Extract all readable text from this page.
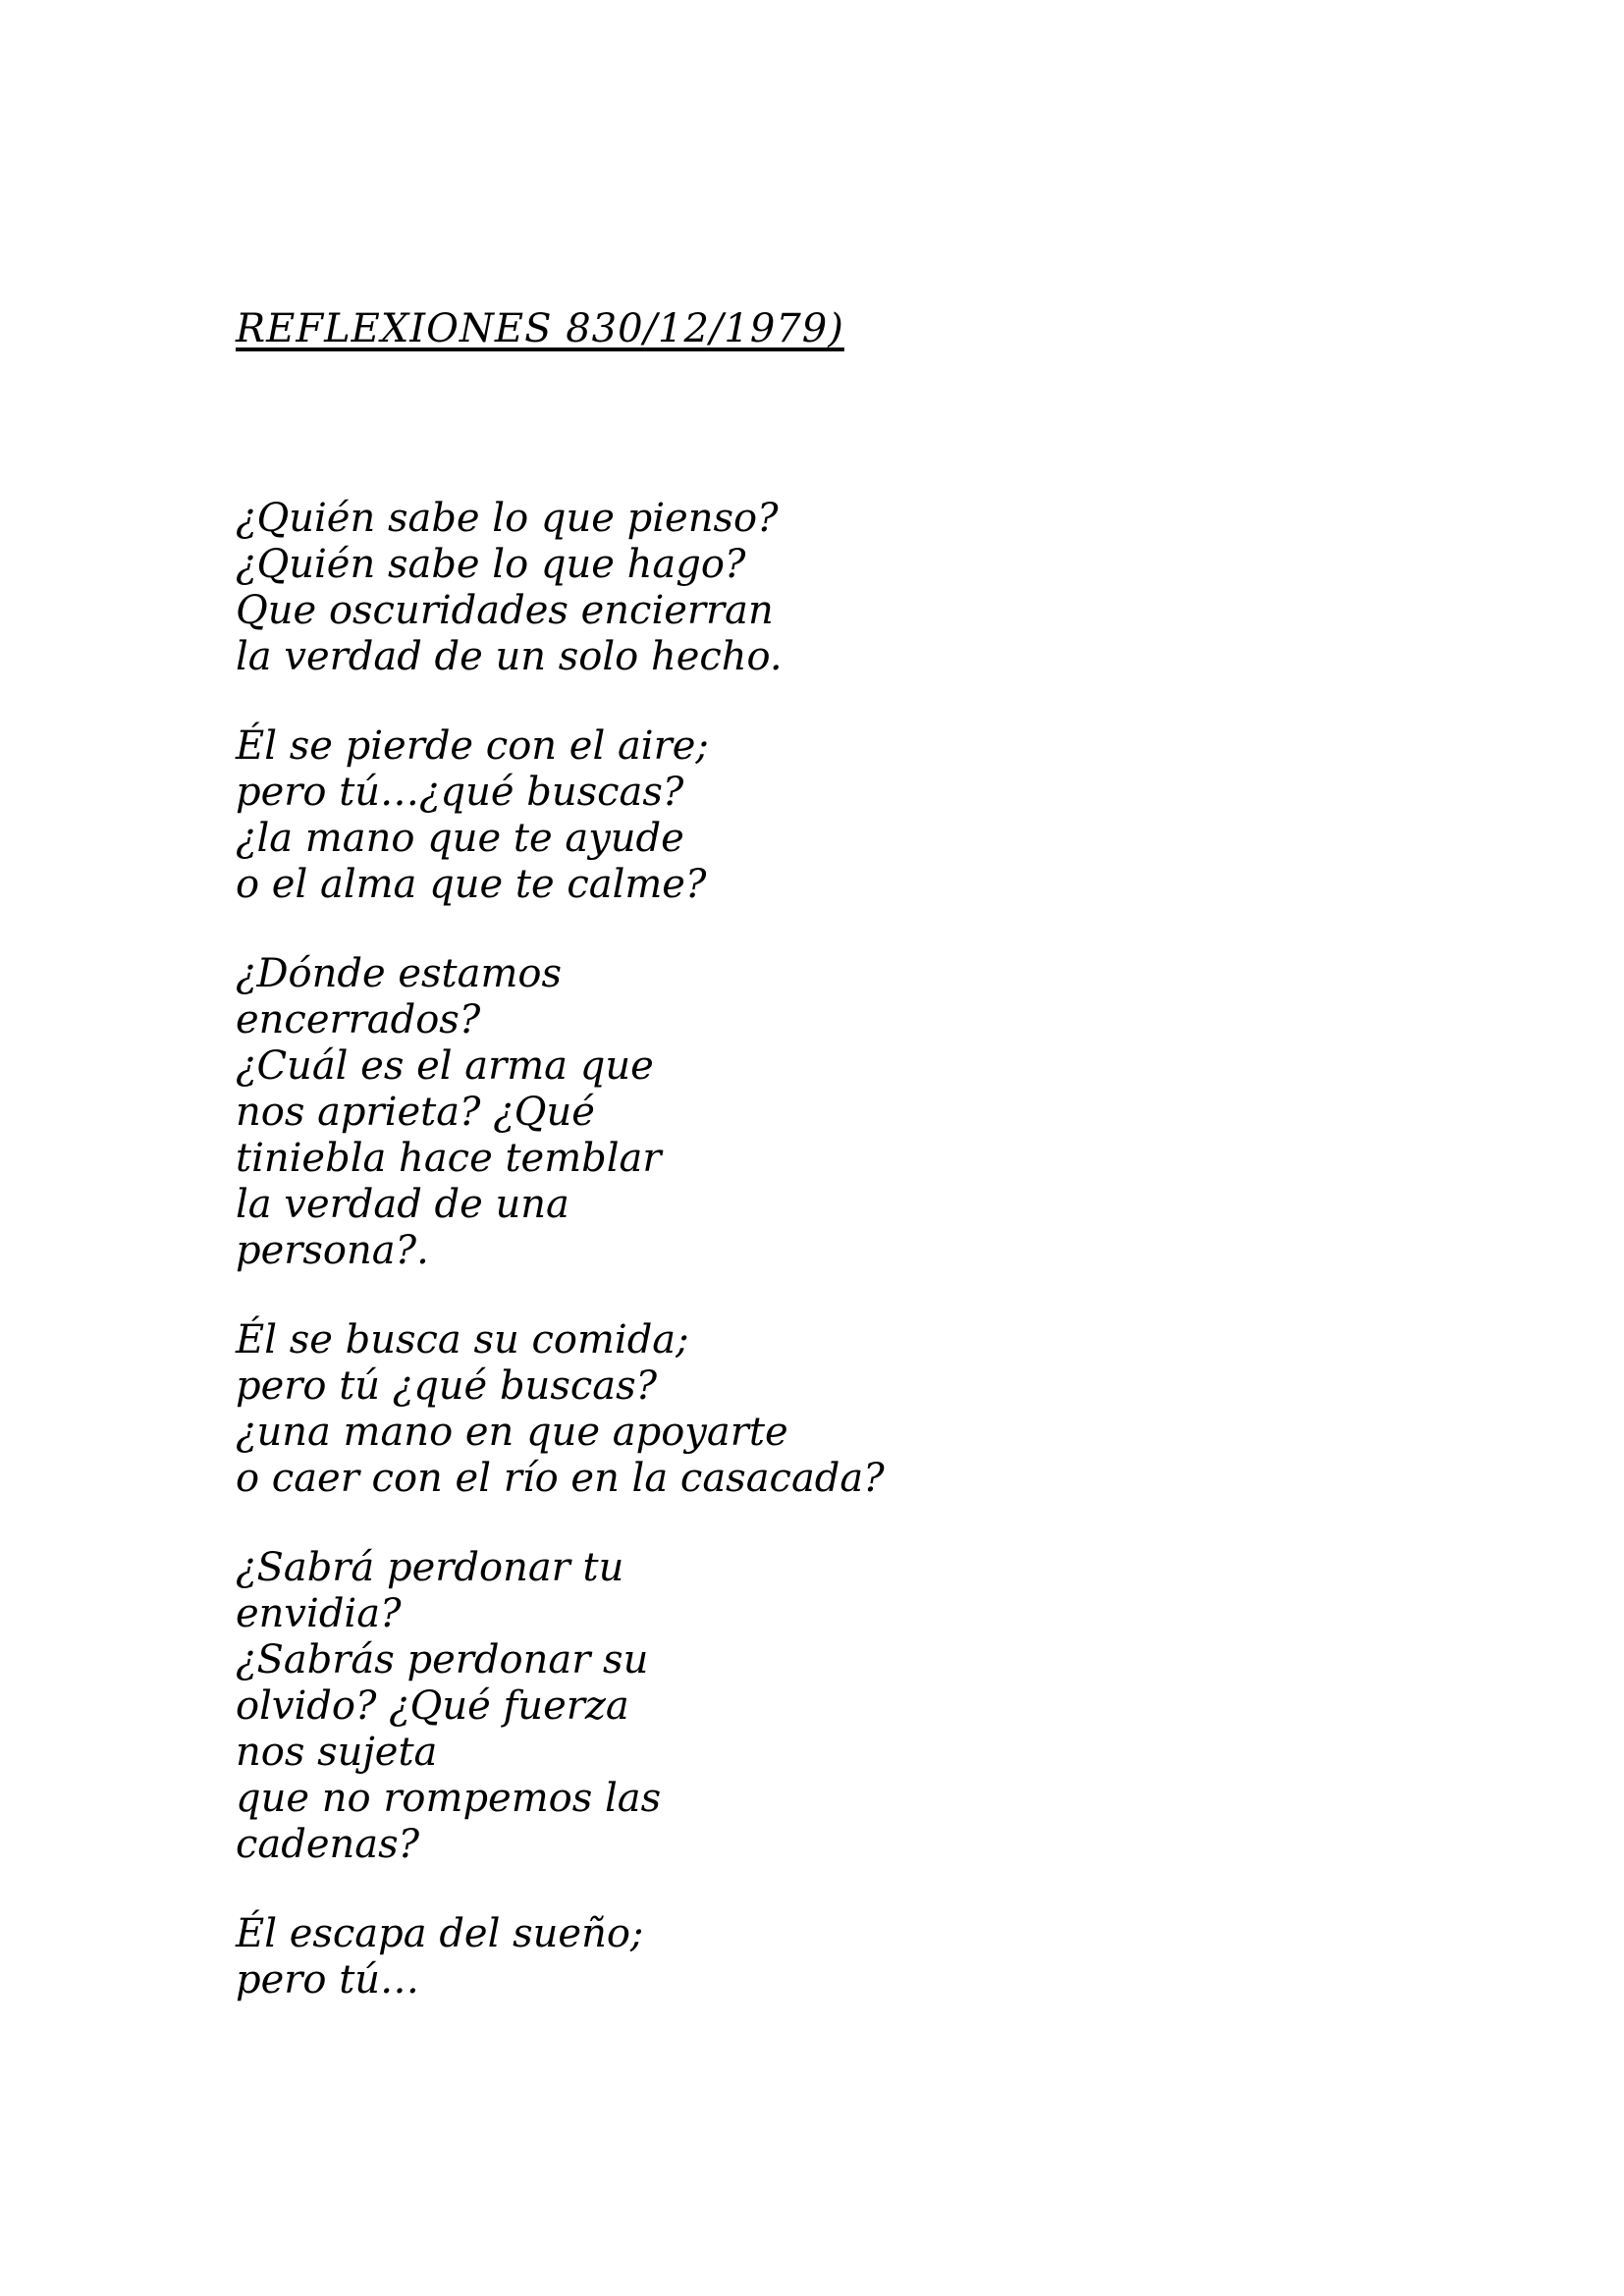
REFLEXIONES 830/12/1979)
¿Quién sabe lo que pienso?
¿Quién sabe lo que hago?
Que oscuridades encierran
la verdad de un solo hecho.
Él se pierde con el aire;
pero tú…¿qué buscas?
¿la mano que te ayude
o el alma que te calme?
¿Dónde estamos
encerrados?
¿Cuál es el arma que
nos aprieta? ¿Qué
tiniebla hace temblar
la verdad de una
persona?.
Él se busca su comida;
pero tú ¿qué buscas?
¿una mano en que apoyarte
o caer con el río en la casacada?
¿Sabrá perdonar tu
envidia?
¿Sabrás perdonar su
olvido? ¿Qué fuerza
nos sujeta
que no rompemos las
cadenas?
Él escapa del sueño;
pero tú…
